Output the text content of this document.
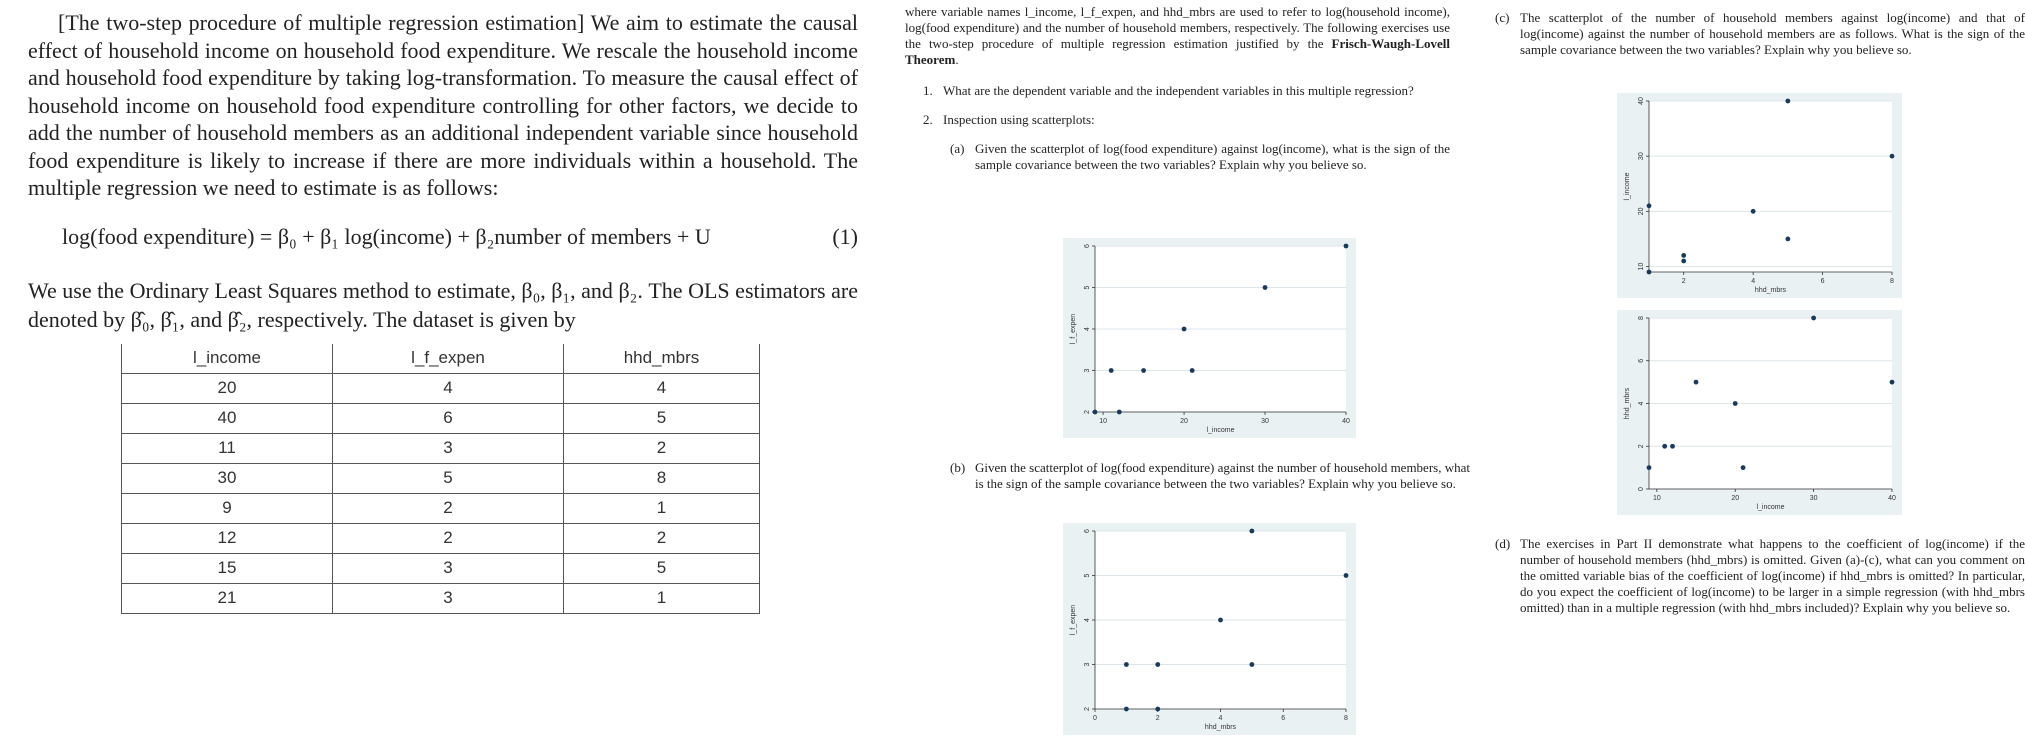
[The two-step procedure of multiple regression estimation] We aim to estimate the causal effect of household income on household food expenditure. We rescale the household income and household food expenditure by taking log-transformation. To measure the causal effect of household income on household food expenditure controlling for other factors, we decide to add the number of household members as an additional independent variable since household food expenditure is likely to increase if there are more individuals within a household. The multiple regression we need to estimate is as follows:

log(food expenditure) = β₀ + β₁ log(income) + β₂number of members + U	(1)

We use the Ordinary Least Squares method to estimate, β₀, β₁, and β₂. The OLS estimators are denoted by β̂₀, β̂₁, and β̂₂, respectively. The dataset is given by

l_income	l_f_expen	hhd_mbrs
20	4	4
40	6	5
11	3	2
30	5	8
9	2	1
12	2	2
15	3	5
21	3	1

where variable names l_income, l_f_expen, and hhd_mbrs are used to refer to log(household income), log(food expenditure) and the number of household members, respectively. The following exercises use the two-step procedure of multiple regression estimation justified by the Frisch-Waugh-Lovell Theorem.

1. What are the dependent variable and the independent variables in this multiple regression?

2. Inspection using scatterplots:

(a) Given the scatterplot of log(food expenditure) against log(income), what is the sign of the sample covariance between the two variables? Explain why you believe so.

(b) Given the scatterplot of log(food expenditure) against the number of household members, what is the sign of the sample covariance between the two variables? Explain why you believe so.

(c) The scatterplot of the number of household members against log(income) and that of log(income) against the number of household members are as follows. What is the sign of the sample covariance between the two variables? Explain why you believe so.

(d) The exercises in Part II demonstrate what happens to the coefficient of log(income) if the number of household members (hhd_mbrs) is omitted. Given (a)-(c), what can you comment on the omitted variable bias of the coefficient of log(income) if hhd_mbrs is omitted? In particular, do you expect the coefficient of log(income) to be larger in a simple regression (with hhd_mbrs omitted) than in a multiple regression (with hhd_mbrs included)? Explain why you believe so.

10	20	30	40
2
3
4
5
6
l_income
l_f_expen
0	2	4	6	8
2
3
4
5
6
hhd_mbrs
l_f_expen
2	4	6	8
10
20
30
40
hhd_mbrs
l_income
10	20	30	40
0
2
4
6
8
l_income
hhd_mbrs
